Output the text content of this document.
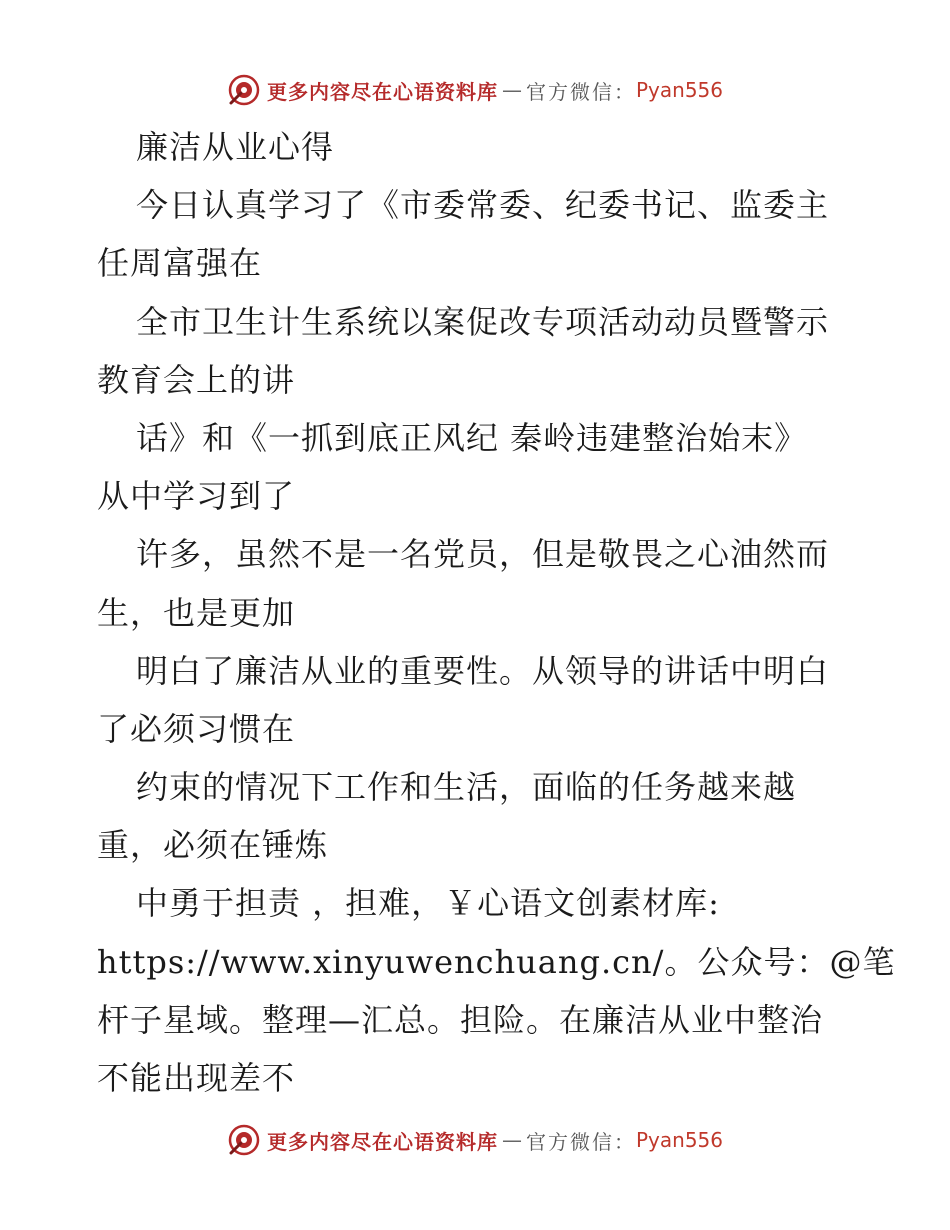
更多内容尽在心语资料库 — 官方微信： Pyan556
廉洁从业心得
今日认真学习了《市委常委、纪委书记、监委主
任周富强在
全市卫生计生系统以案促改专项活动动员暨警示
教育会上的讲
话》和《一抓到底正风纪 秦岭违建整治始末》
从中学习到了
许多，虽然不是一名党员，但是敬畏之心油然而
生，也是更加
明白了廉洁从业的重要性。从领导的讲话中明白
了必须习惯在
约束的情况下工作和生活，面临的任务越来越
重，必须在锤炼
中勇于担责 ，担难，￥心语文创素材库:
https://www.xinyuwenchuang.cn/。公众号：@笔
杆子星域。整理—汇总。担险。在廉洁从业中整治
不能出现差不
更多内容尽在心语资料库 — 官方微信： Pyan556
